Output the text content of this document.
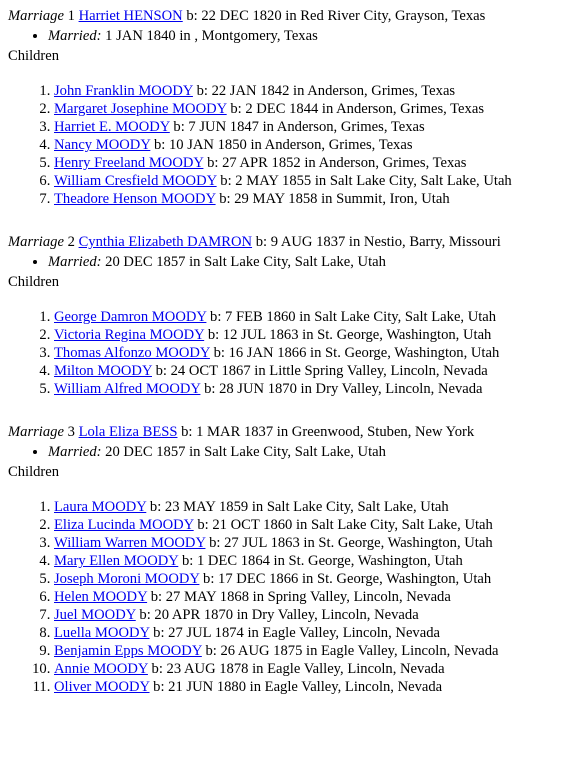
Marriage 1 Harriet HENSON b: 22 DEC 1820 in Red River City, Grayson, Texas

• Married: 1 JAN 1840 in , Montgomery, Texas
Children
1. John Franklin MOODY b: 22 JAN 1842 in Anderson, Grimes, Texas
2. Margaret Josephine MOODY b: 2 DEC 1844 in Anderson, Grimes, Texas
3. Harriet E. MOODY b: 7 JUN 1847 in Anderson, Grimes, Texas
4. Nancy MOODY b: 10 JAN 1850 in Anderson, Grimes, Texas
5. Henry Freeland MOODY b: 27 APR 1852 in Anderson, Grimes, Texas
6. William Cresfield MOODY b: 2 MAY 1855 in Salt Lake City, Salt Lake, Utah
7. Theadore Henson MOODY b: 29 MAY 1858 in Summit, Iron, Utah

Marriage 2 Cynthia Elizabeth DAMRON b: 9 AUG 1837 in Nestio, Barry, Missouri

• Married: 20 DEC 1857 in Salt Lake City, Salt Lake, Utah
Children
1. George Damron MOODY b: 7 FEB 1860 in Salt Lake City, Salt Lake, Utah
2. Victoria Regina MOODY b: 12 JUL 1863 in St. George, Washington, Utah
3. Thomas Alfonzo MOODY b: 16 JAN 1866 in St. George, Washington, Utah
4. Milton MOODY b: 24 OCT 1867 in Little Spring Valley, Lincoln, Nevada
5. William Alfred MOODY b: 28 JUN 1870 in Dry Valley, Lincoln, Nevada

Marriage 3 Lola Eliza BESS b: 1 MAR 1837 in Greenwood, Stuben, New York

• Married: 20 DEC 1857 in Salt Lake City, Salt Lake, Utah
Children
1. Laura MOODY b: 23 MAY 1859 in Salt Lake City, Salt Lake, Utah
2. Eliza Lucinda MOODY b: 21 OCT 1860 in Salt Lake City, Salt Lake, Utah
3. William Warren MOODY b: 27 JUL 1863 in St. George, Washington, Utah
4. Mary Ellen MOODY b: 1 DEC 1864 in St. George, Washington, Utah
5. Joseph Moroni MOODY b: 17 DEC 1866 in St. George, Washington, Utah
6. Helen MOODY b: 27 MAY 1868 in Spring Valley, Lincoln, Nevada
7. Juel MOODY b: 20 APR 1870 in Dry Valley, Lincoln, Nevada
8. Luella MOODY b: 27 JUL 1874 in Eagle Valley, Lincoln, Nevada
9. Benjamin Epps MOODY b: 26 AUG 1875 in Eagle Valley, Lincoln, Nevada
10. Annie MOODY b: 23 AUG 1878 in Eagle Valley, Lincoln, Nevada
11. Oliver MOODY b: 21 JUN 1880 in Eagle Valley, Lincoln, Nevada
